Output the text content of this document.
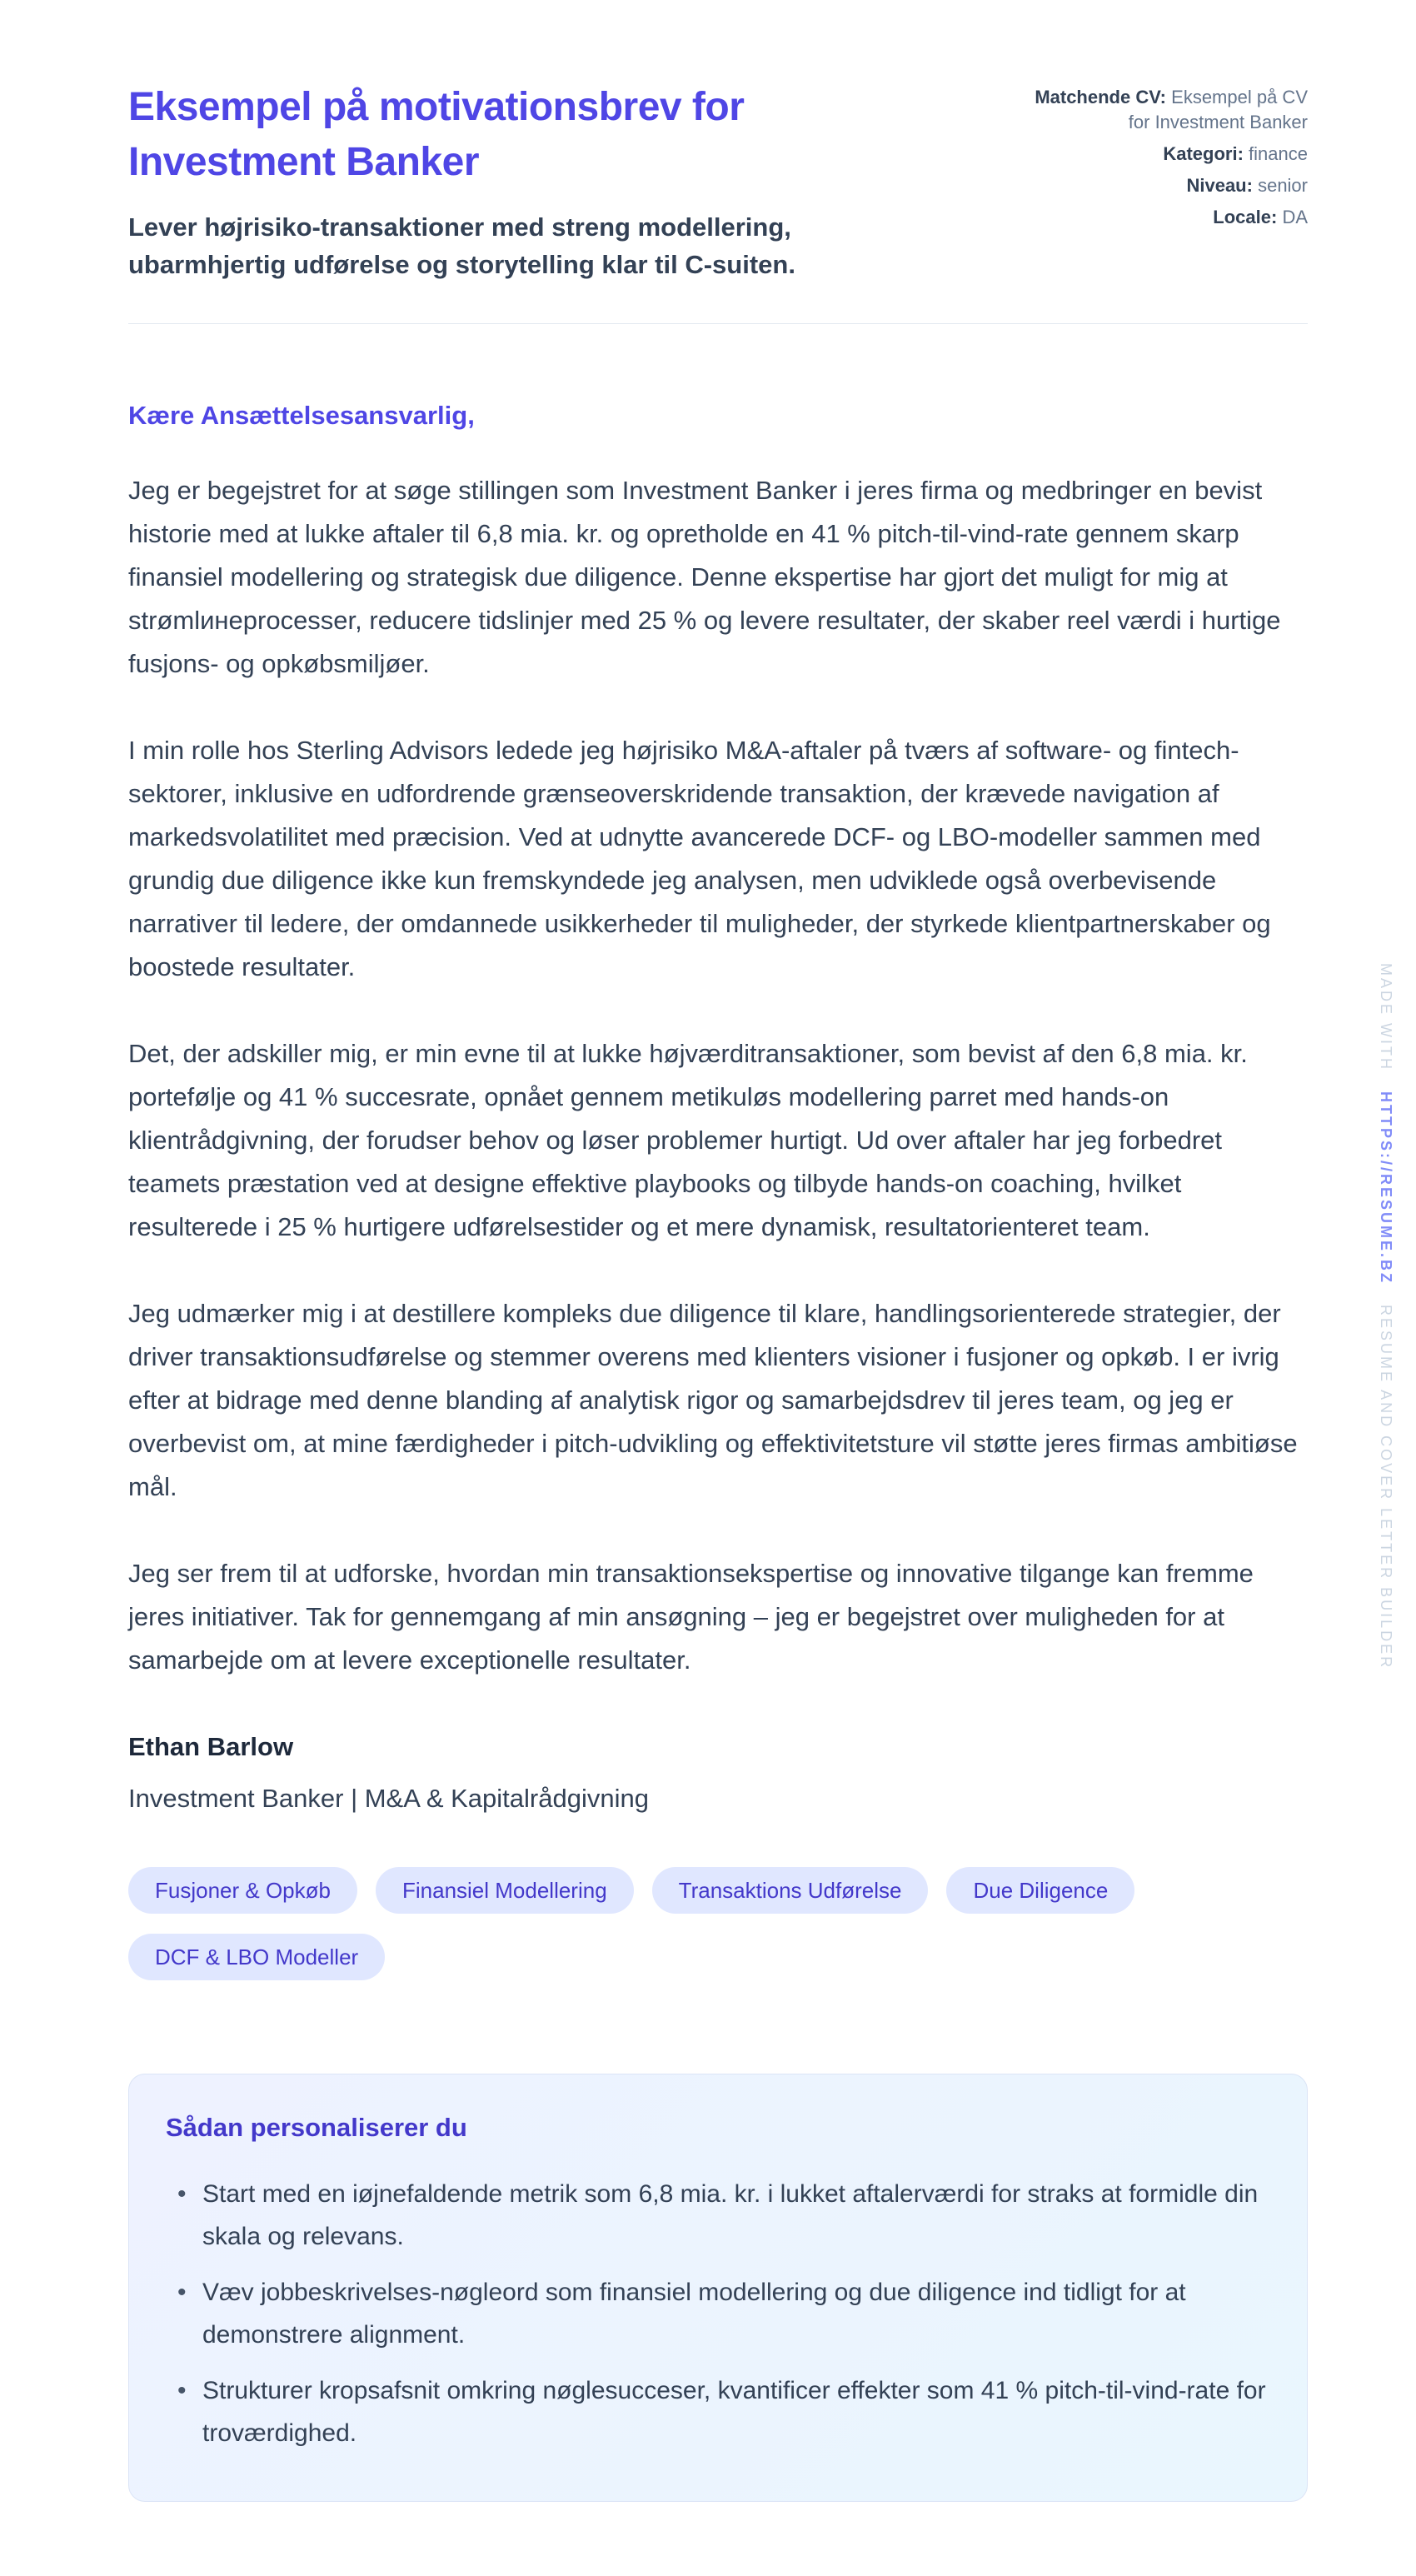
Eksempel på motivationsbrev for Investment Banker
Lever højrisiko-transaktioner med streng modellering, ubarmhjertig udførelse og storytelling klar til C-suiten.
Matchende CV: Eksempel på CV for Investment Banker
Kategori: finance
Niveau: senior
Locale: DA

Kære Ansættelsesansvarlig,

Jeg er begejstret for at søge stillingen som Investment Banker i jeres firma og medbringer en bevist historie med at lukke aftaler til 6,8 mia. kr. og opretholde en 41 % pitch-til-vind-rate gennem skarp finansiel modellering og strategisk due diligence. Denne ekspertise har gjort det muligt for mig at strømlинеprocesser, reducere tidslinjer med 25 % og levere resultater, der skaber reel værdi i hurtige fusjons- og opkøbsmiljøer.

I min rolle hos Sterling Advisors ledede jeg højrisiko M&A-aftaler på tværs af software- og fintech-sektorer, inklusive en udfordrende grænseoverskridende transaktion, der krævede navigation af markedsvolatilitet med præcision. Ved at udnytte avancerede DCF- og LBO-modeller sammen med grundig due diligence ikke kun fremskyndede jeg analysen, men udviklede også overbevisende narrativer til ledere, der omdannede usikkerheder til muligheder, der styrkede klientpartnerskaber og boostede resultater.

Det, der adskiller mig, er min evne til at lukke højværditransaktioner, som bevist af den 6,8 mia. kr. portefølje og 41 % succesrate, opnået gennem metikuløs modellering parret med hands-on klientrådgivning, der forudser behov og løser problemer hurtigt. Ud over aftaler har jeg forbedret teamets præstation ved at designe effektive playbooks og tilbyde hands-on coaching, hvilket resulterede i 25 % hurtigere udførelsestider og et mere dynamisk, resultatorienteret team.

Jeg udmærker mig i at destillere kompleks due diligence til klare, handlingsorienterede strategier, der driver transaktionsudførelse og stemmer overens med klienters visioner i fusjoner og opkøb. I er ivrig efter at bidrage med denne blanding af analytisk rigor og samarbejdsdrev til jeres team, og jeg er overbevist om, at mine færdigheder i pitch-udvikling og effektivitetsture vil støtte jeres firmas ambitiøse mål.

Jeg ser frem til at udforske, hvordan min transaktionsekspertise og innovative tilgange kan fremme jeres initiativer. Tak for gennemgang af min ansøgning – jeg er begejstret over muligheden for at samarbejde om at levere exceptionelle resultater.

Ethan Barlow

Investment Banker | M&A & Kapitalrådgivning

Fusjoner & Opkøb	Finansiel Modellering	Transaktions Udførelse	Due Diligence
DCF & LBO Modeller
Sådan personaliserer du
• Start med en iøjnefaldende metrik som 6,8 mia. kr. i lukket aftalerværdi for straks at formidle din skala og relevans.
• Væv jobbeskrivelses-nøgleord som finansiel modellering og due diligence ind tidligt for at demonstrere alignment.
• Strukturer kropsafsnit omkring nøglesucceser, kvantificer effekter som 41 % pitch-til-vind-rate for troværdighed.
MADE WITH HTTPS://RESUME.BZ RESUME AND COVER LETTER BUILDER
